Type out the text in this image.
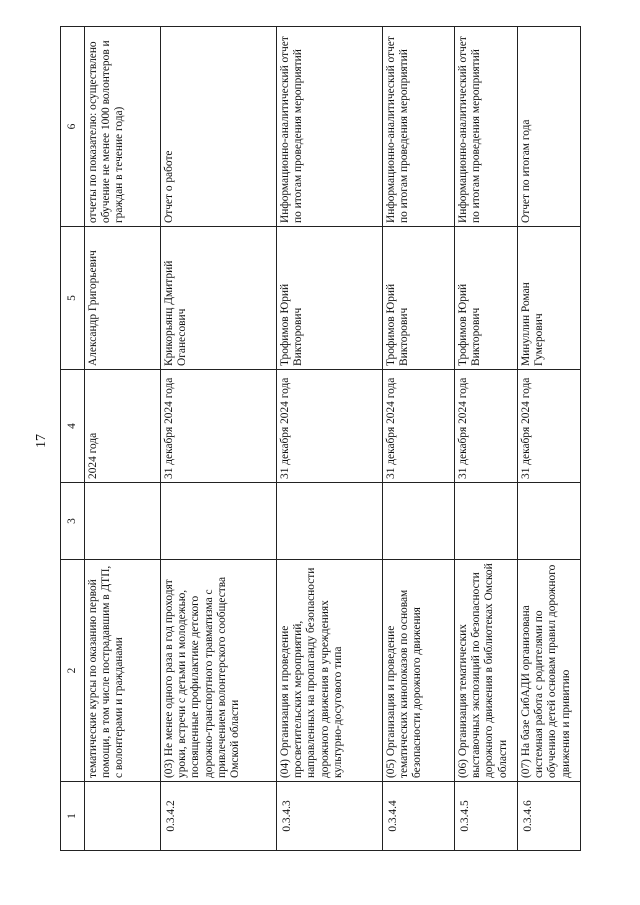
17
1	2	3	4	5	6
	тематические курсы по оказанию первой помощи, в том числе пострадавшим в ДТП, с волонтерами и гражданами		2024 года	Александр Григорьевич	отчеты по показателю: осуществлено обучение не менее 1000 волонтеров и граждан в течение года)
0.3.4.2	(03) Не менее одного раза в год проходят уроки, встречи с детьми и молодежью, посвященные профилактике детского дорожно-транспортного травматизма с привлечением волонтерского сообщества Омской области		31 декабря 2024 года	Крикорьянц Дмитрий Оганесович	Отчет о работе
0.3.4.3	(04) Организация и проведение просветительских мероприятий, направленных на пропаганду безопасности дорожного движения в учреждениях культурно-досугового типа		31 декабря 2024 года	Трофимов Юрий Викторович	Информационно-аналитический отчет по итогам проведения мероприятий
0.3.4.4	(05) Организация и проведение тематических кинопоказов по основам безопасности дорожного движения		31 декабря 2024 года	Трофимов Юрий Викторович	Информационно-аналитический отчет по итогам проведения мероприятий
0.3.4.5	(06) Организация тематических выставочных экспозиций по безопасности дорожного движения в библиотеках Омской области		31 декабря 2024 года	Трофимов Юрий Викторович	Информационно-аналитический отчет по итогам проведения мероприятий
0.3.4.6	(07) На базе СибАДИ организована системная работа с родителями по обучению детей основам правил дорожного движения и привитию		31 декабря 2024 года	Минуллин Роман Гумерович	Отчет по итогам года
